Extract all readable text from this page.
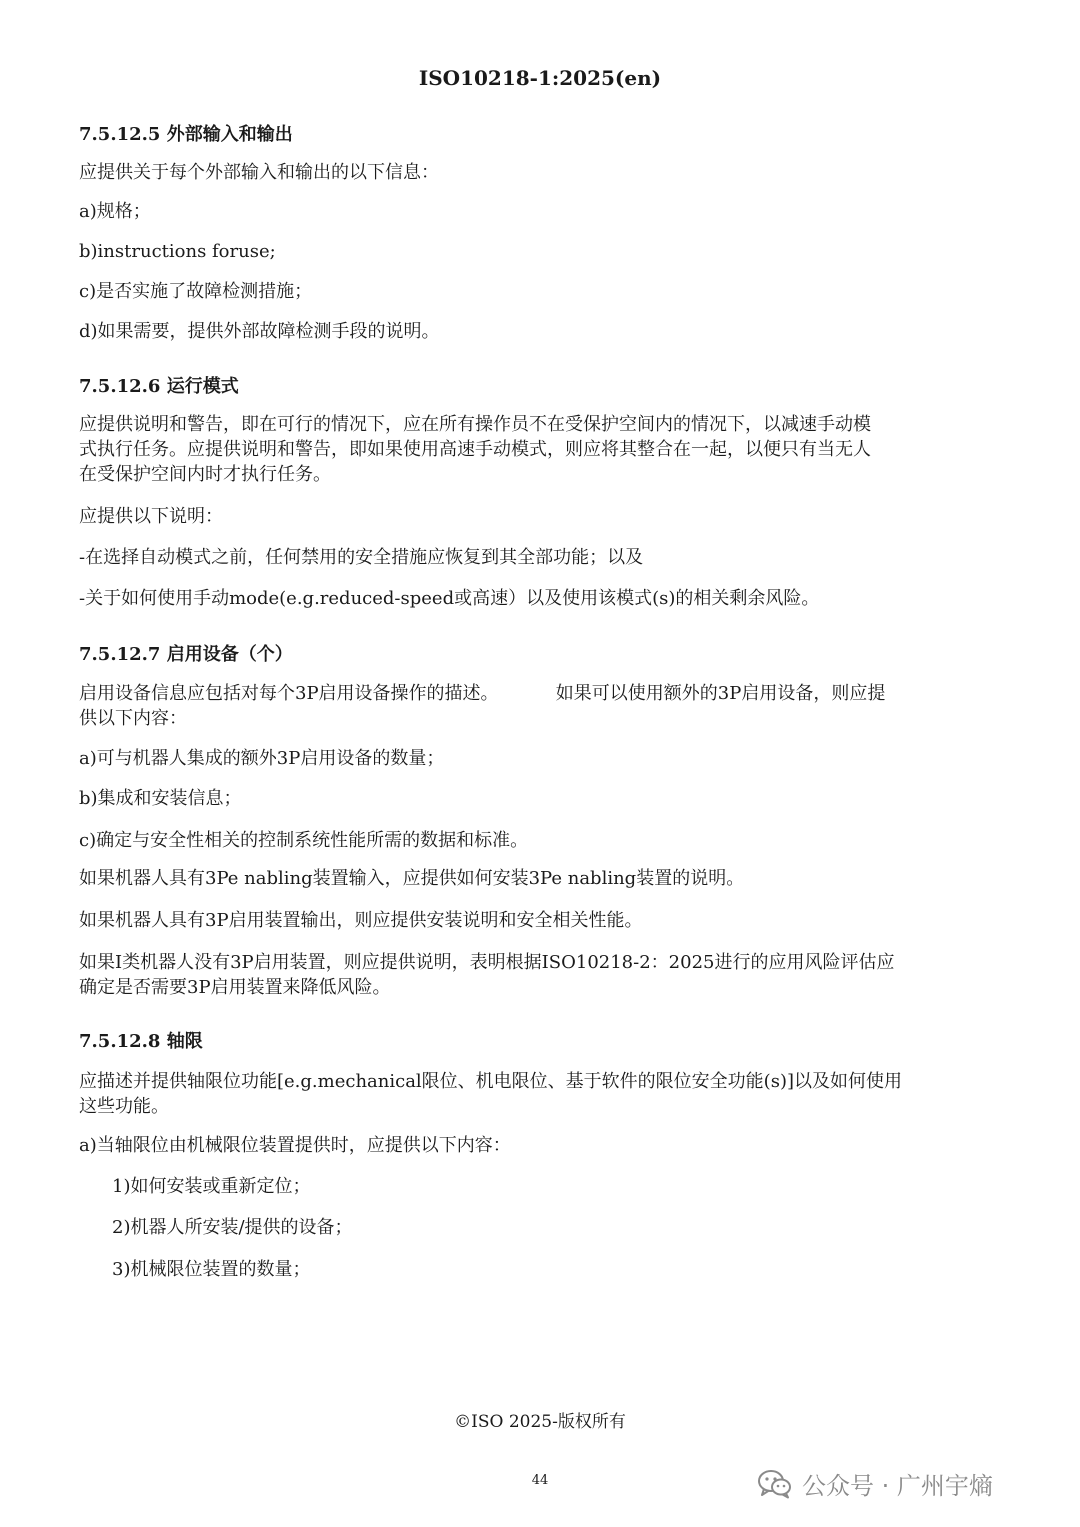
ISO10218-1:2025(en)
7.5.12.5 外部输入和输出
应提供关于每个外部输入和输出的以下信息：
a)规格；
b)instructions foruse;
c)是否实施了故障检测措施；
d)如果需要，提供外部故障检测手段的说明。
7.5.12.6 运行模式
应提供说明和警告，即在可行的情况下，应在所有操作员不在受保护空间内的情况下，以减速手动模
式执行任务。应提供说明和警告，即如果使用高速手动模式，则应将其整合在一起，以便只有当无人
在受保护空间内时才执行任务。
应提供以下说明：
-在选择自动模式之前，任何禁用的安全措施应恢复到其全部功能；以及
-关于如何使用手动mode(e.g.reduced-speed或高速）以及使用该模式(s)的相关剩余风险。
7.5.12.7 启用设备（个）
启用设备信息应包括对每个3P启用设备操作的描述。          如果可以使用额外的3P启用设备，则应提
供以下内容：
a)可与机器人集成的额外3P启用设备的数量；
b)集成和安装信息；
c)确定与安全性相关的控制系统性能所需的数据和标准。
如果机器人具有3Pe nabling装置输入，应提供如何安装3Pe nabling装置的说明。
如果机器人具有3P启用装置输出，则应提供安装说明和安全相关性能。
如果I类机器人没有3P启用装置，则应提供说明，表明根据ISO10218-2：2025进行的应用风险评估应
确定是否需要3P启用装置来降低风险。
7.5.12.8 轴限
应描述并提供轴限位功能[e.g.mechanical限位、机电限位、基于软件的限位安全功能(s)]以及如何使用
这些功能。
a)当轴限位由机械限位装置提供时，应提供以下内容：
1)如何安装或重新定位；
2)机器人所安装/提供的设备；
3)机械限位装置的数量；
©ISO 2025-版权所有
44	公众号 · 广州宇熵
